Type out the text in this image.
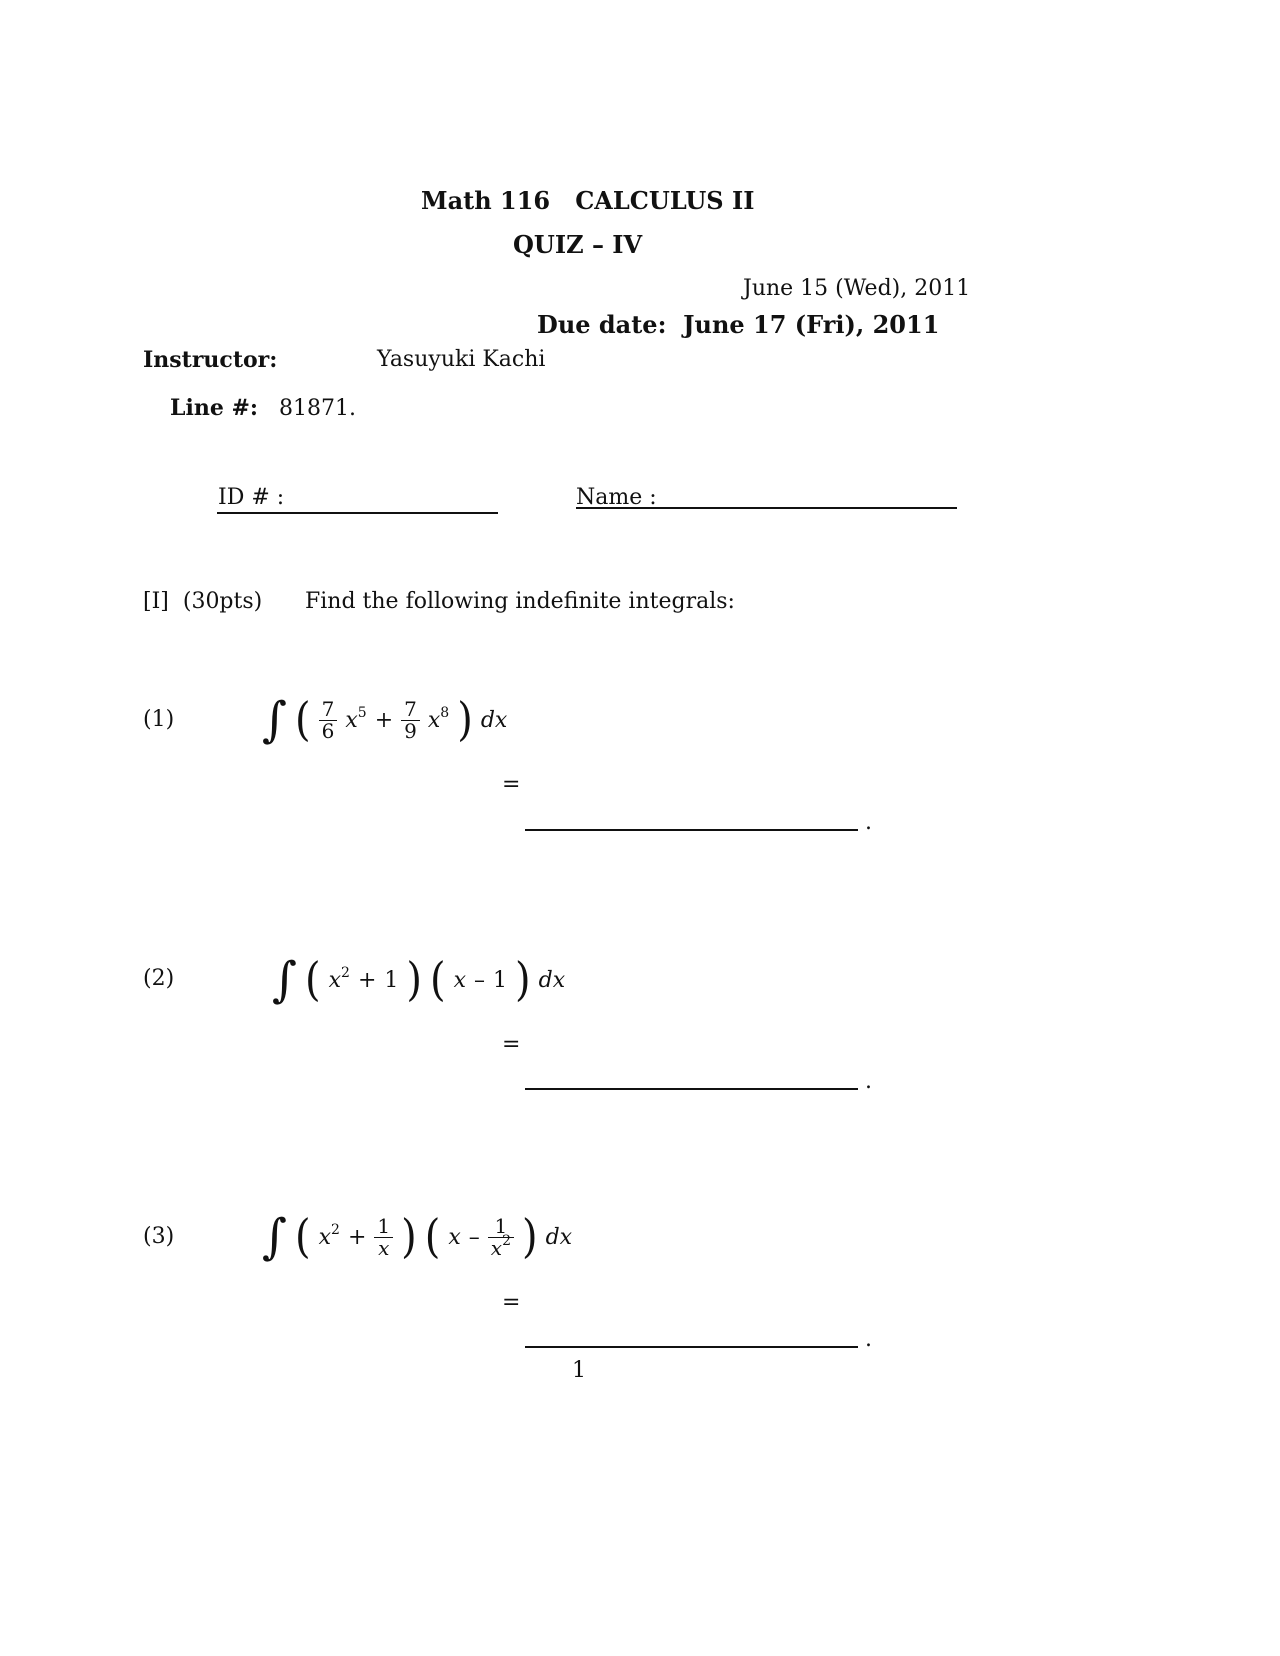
Math 116 CALCULUS II
QUIZ – IV
June 15 (Wed), 2011
Due date: June 17 (Fri), 2011
Instructor:	Yasuyuki Kachi
Line #: 81871.
ID # :	Name :
[I] (30pts) Find the following indefinite integrals:
(1) ∫ ( $\frac{7}{6} x^5 + \frac{7}{9} x^8$ ) dx
=
.
(2) ∫ ( $x^2 + 1$ ) ( x – 1 ) dx
=
.
(3) ∫ ( $x^2 + \frac{1}{x}$ ) ( x – $\frac{1}{x^2}$ ) dx
=
.
1
